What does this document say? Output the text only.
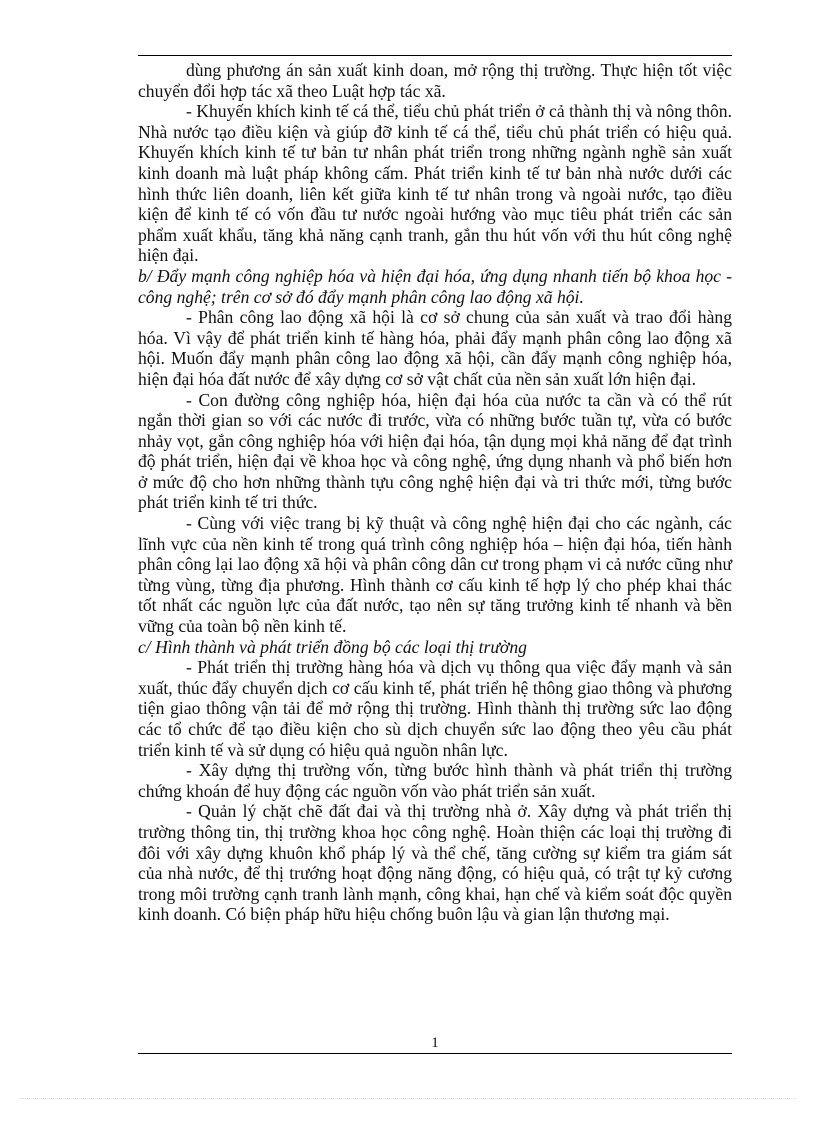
dùng phương án sản xuất kinh doan, mở rộng thị trường. Thực hiện tốt việc chuyển đổi hợp tác xã theo Luật hợp tác xã.

- Khuyến khích kinh tế cá thể, tiểu chủ phát triển ở cả thành thị và nông thôn. Nhà nước tạo điều kiện và giúp đỡ kinh tế cá thể, tiểu chủ phát triển có hiệu quả. Khuyến khích kinh tế tư bản tư nhân phát triển trong những ngành nghề sản xuất kinh doanh mà luật pháp không cấm. Phát triển kinh tế tư bản nhà nước dưới các hình thức liên doanh, liên kết giữa kinh tế tư nhân trong và ngoài nước, tạo điều kiện để kinh tế có vốn đầu tư nước ngoài hướng vào mục tiêu phát triển các sản phẩm xuất khẩu, tăng khả năng cạnh tranh, gắn thu hút vốn với thu hút công nghệ hiện đại.

b/ Đẩy mạnh công nghiệp hóa và hiện đại hóa, ứng dụng nhanh tiến bộ khoa học - công nghệ; trên cơ sở đó đẩy mạnh phân công lao động xã hội.

- Phân công lao động xã hội là cơ sở chung của sản xuất và trao đổi hàng hóa. Vì vậy để phát triển kinh tế hàng hóa, phải đẩy mạnh phân công lao động xã hội. Muốn đẩy mạnh phân công lao động xã hội, cần đẩy mạnh công nghiệp hóa, hiện đại hóa đất nước để xây dựng cơ sở vật chất của nền sản xuất lớn hiện đại.

- Con đường công nghiệp hóa, hiện đại hóa của nước ta cần và có thể rút ngắn thời gian so với các nước đi trước, vừa có những bước tuần tự, vừa có bước nhảy vọt, gắn công nghiệp hóa với hiện đại hóa, tận dụng mọi khả năng để đạt trình độ phát triển, hiện đại về khoa học và công nghệ, ứng dụng nhanh và phổ biến hơn ở mức độ cho hơn những thành tựu công nghệ hiện đại và tri thức mới, từng bước phát triển kinh tế tri thức.

- Cùng với việc trang bị kỹ thuật và công nghệ hiện đại cho các ngành, các lĩnh vực của nền kinh tế trong quá trình công nghiệp hóa – hiện đại hóa, tiến hành phân công lại lao động xã hội và phân công dân cư trong phạm vi cả nước cũng như từng vùng, từng địa phương. Hình thành cơ cấu kinh tế hợp lý cho phép khai thác tốt nhất các nguồn lực của đất nước, tạo nên sự tăng trưởng kinh tế nhanh và bền vững của toàn bộ nền kinh tế.

c/ Hình thành và phát triển đồng bộ các loại thị trường

- Phát triển thị trường hàng hóa và dịch vụ thông qua việc đẩy mạnh và sản xuất, thúc đẩy chuyển dịch cơ cấu kinh tế, phát triển hệ thông giao thông và phương tiện giao thông vận tải để mở rộng thị trường. Hình thành thị trường sức lao động các tổ chức để tạo điều kiện cho sù dịch chuyển sức lao động theo yêu cầu phát triển kinh tế và sử dụng có hiệu quả nguồn nhân lực.

- Xây dựng thị trường vốn, từng bước hình thành và phát triển thị trường chứng khoán để huy động các nguồn vốn vào phát triển sản xuất.

- Quản lý chặt chẽ đất đai và thị trường nhà ở. Xây dựng và phát triển thị trường thông tin, thị trường khoa học công nghệ. Hoàn thiện các loại thị trường đi đôi với xây dựng khuôn khổ pháp lý và thể chế, tăng cường sự kiểm tra giám sát của nhà nước, để thị trướng hoạt động năng động, có hiệu quả, có trật tự kỷ cương trong môi trường cạnh tranh lành mạnh, công khai, hạn chế và kiểm soát độc quyền kinh doanh. Có biện pháp hữu hiệu chống buôn lậu và gian lận thương mại.

1
